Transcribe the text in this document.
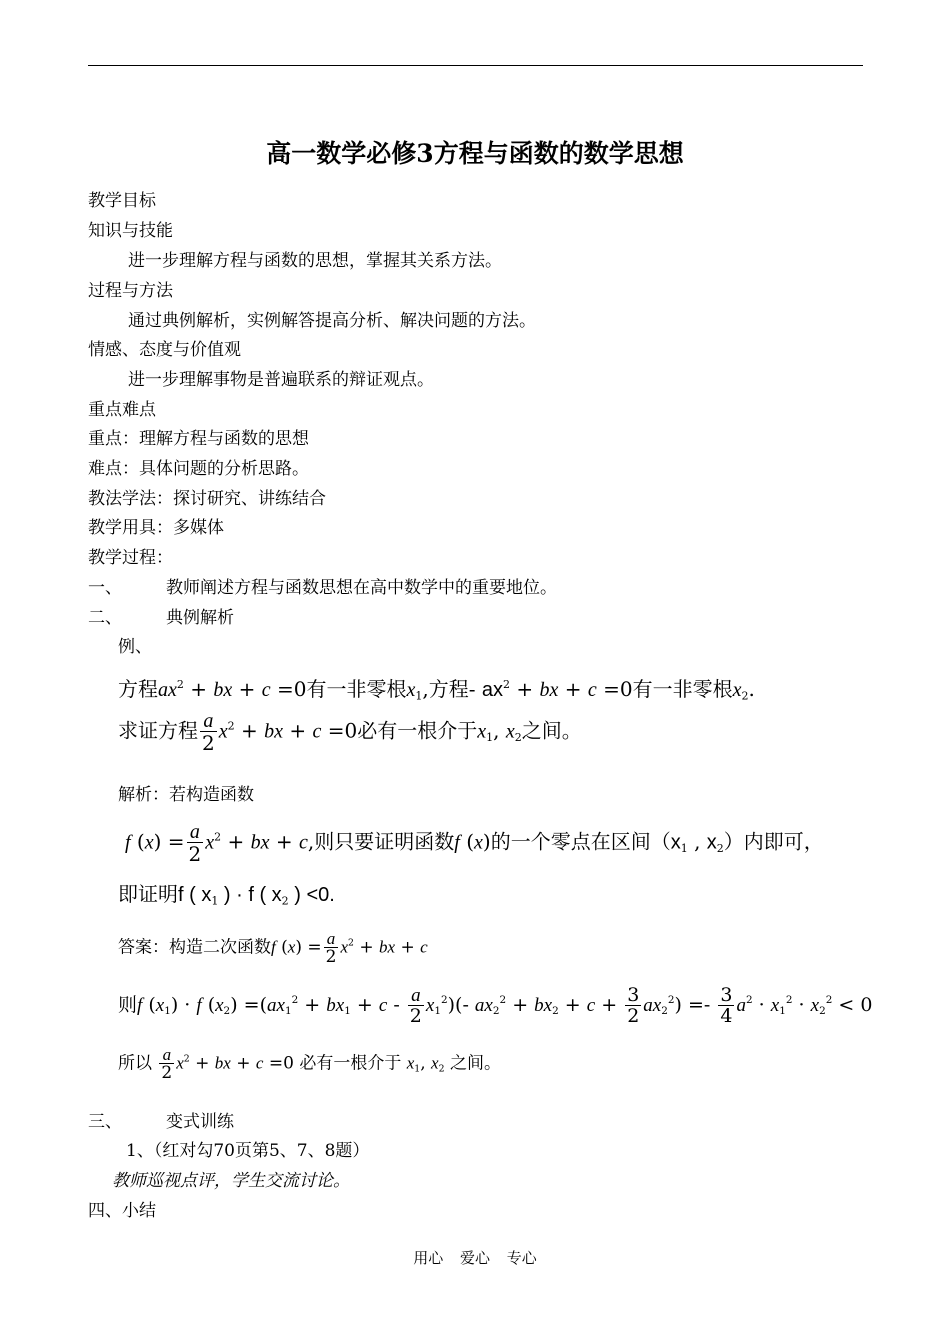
高一数学必修3方程与函数的数学思想
教学目标
知识与技能
进一步理解方程与函数的思想，掌握其关系方法。
过程与方法
通过典例解析，实例解答提高分析、解决问题的方法。
情感、态度与价值观
进一步理解事物是普遍联系的辩证观点。
重点难点
重点：理解方程与函数的思想
难点：具体问题的分析思路。
教法学法：探讨研究、讲练结合
教学用具：多媒体
教学过程：
一、	教师阐述方程与函数思想在高中数学中的重要地位。
二、	典例解析
例、
方程$ax^2$ + bx + c =0有一非零根$x_1$,方程- $ax^2$ + bx + c =0有一非零根$x_2$.
求证方程 $\frac{a}{2} x^2$ + bx + c =0必有一根介于$x_1$, $x_2$之间。
解析：若构造函数
f $(x) = \frac{a}{2} x^2$ + bx + c,则只要证明函数f (x)的一个零点在区间（$x_1$ , $x_2$）内即可，
即证明f ( $x_1$ ) · f ( $x_2$ ) <0.
答案：构造二次函数f $(x) = \frac{a}{2} x^2$ + bx + c
则f $(x_1) \cdot f$ $(x_2) =(ax_1^2 + bx_1 + c - \frac{a}{2} x_1^2)(-$ $ax_2^2 + bx_2 + c + \frac{3}{2} ax_2^2) =- \frac{3}{4} a^2 \cdot x_1^2 \cdot x_2^2 < 0$
所以 $\frac{a}{2} x^2$ + bx + c =0 必有一根介于 $x_1$, $x_2$ 之间。
三、	变式训练
1、（红对勾70页第5、7、8题）
教师巡视点评，学生交流讨论。
四、小结
用心 爱心 专心
